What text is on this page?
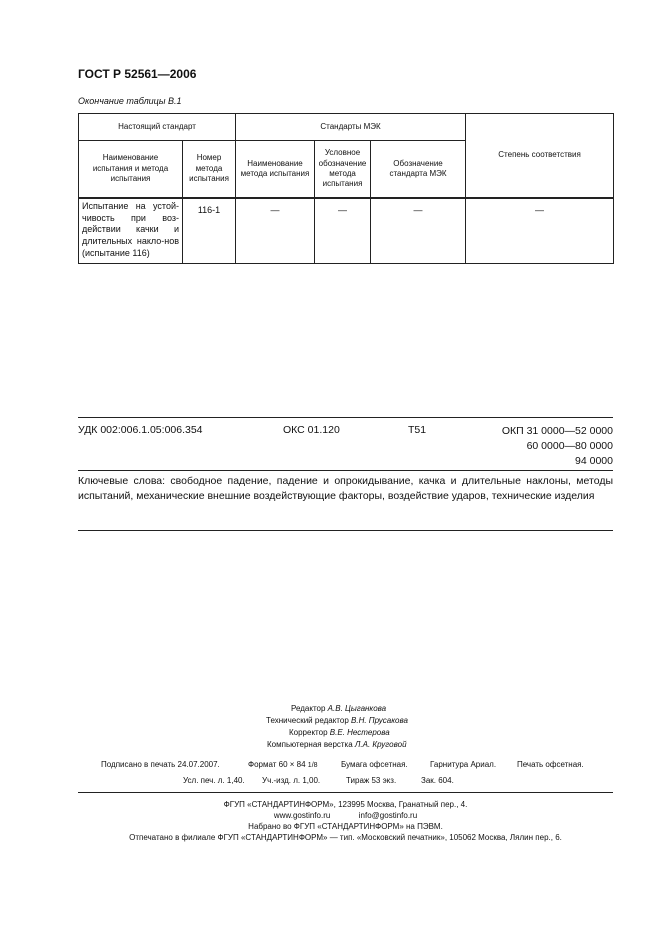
ГОСТ Р 52561—2006
Окончание таблицы В.1
Настоящий стандарт		Стандарты МЭК			Степень соответствия
Наименование испытания и метода испытания	Номер метода испытания	Наименование метода испытания	Условное обозначение метода испытания	Обозначение стандарта МЭК	
Испытание на устой-чивость при воз-действии качки и длительных накло-нов (испытание 116)	116-1	—	—	—	—
УДК 002:006.1.05:006.354	ОКС 01.120	Т51	ОКП 31 0000—52 0000
60 0000—80 0000
94 0000
Ключевые слова: свободное падение, падение и опрокидывание, качка и длительные наклоны, методы испытаний, механические внешние воздействующие факторы, воздействие ударов, технические изделия
Редактор А.В. Цыганкова
Технический редактор В.Н. Прусакова
Корректор В.Е. Нестерова
Компьютерная верстка Л.А. Круговой
Подписано в печать 24.07.2007.	Формат 60 × 84 1/8	Бумага офсетная.	Гарнитура Ариал.	Печать офсетная.
Усл. печ. л. 1,40. Уч.-изд. л. 1,00.	Тираж 53 экз.	Зак. 604.
ФГУП «СТАНДАРТИНФОРМ», 123995 Москва, Гранатный пер., 4.
www.gostinfo.ru	info@gostinfo.ru
Набрано во ФГУП «СТАНДАРТИНФОРМ» на ПЭВМ.
Отпечатано в филиале ФГУП «СТАНДАРТИНФОРМ» — тип. «Московский печатник», 105062 Москва, Лялин пер., 6.
